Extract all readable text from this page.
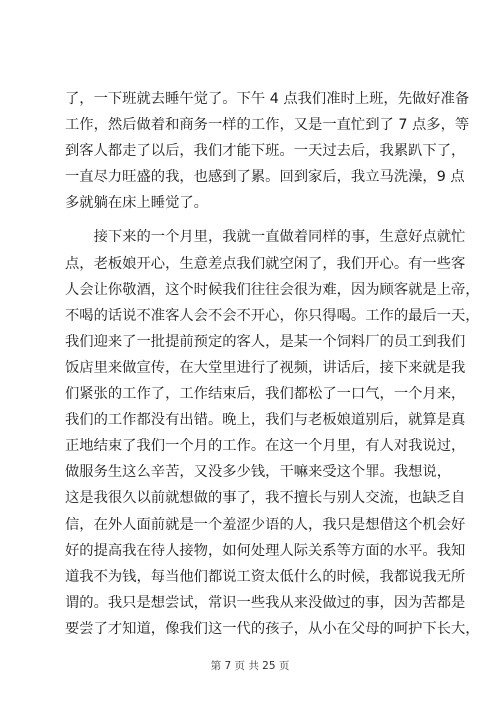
了，一下班就去睡午觉了。下午 4 点我们准时上班，先做好准备
工作，然后做着和商务一样的工作，又是一直忙到了 7 点多，等
到客人都走了以后，我们才能下班。一天过去后，我累趴下了，
一直尽力旺盛的我，也感到了累。回到家后，我立马洗澡，9 点
多就躺在床上睡觉了。
　　接下来的一个月里，我就一直做着同样的事，生意好点就忙
点，老板娘开心，生意差点我们就空闲了，我们开心。有一些客
人会让你敬酒，这个时候我们往往会很为难，因为顾客就是上帝，
不喝的话说不准客人会不会不开心，你只得喝。工作的最后一天，
我们迎来了一批提前预定的客人，是某一个饲料厂的员工到我们
饭店里来做宣传，在大堂里进行了视频，讲话后，接下来就是我
们紧张的工作了，工作结束后，我们都松了一口气，一个月来，
我们的工作都没有出错。晚上，我们与老板娘道别后，就算是真
正地结束了我们一个月的工作。在这一个月里，有人对我说过，
做服务生这么辛苦，又没多少钱，干嘛来受这个罪。我想说，
这是我很久以前就想做的事了，我不擅长与别人交流，也缺乏自
信，在外人面前就是一个羞涩少语的人，我只是想借这个机会好
好的提高我在待人接物，如何处理人际关系等方面的水平。我知
道我不为钱，每当他们都说工资太低什么的时候，我都说我无所
谓的。我只是想尝试，常识一些我从来没做过的事，因为苦都是
要尝了才知道，像我们这一代的孩子，从小在父母的呵护下长大，
第 7 页 共 25 页
